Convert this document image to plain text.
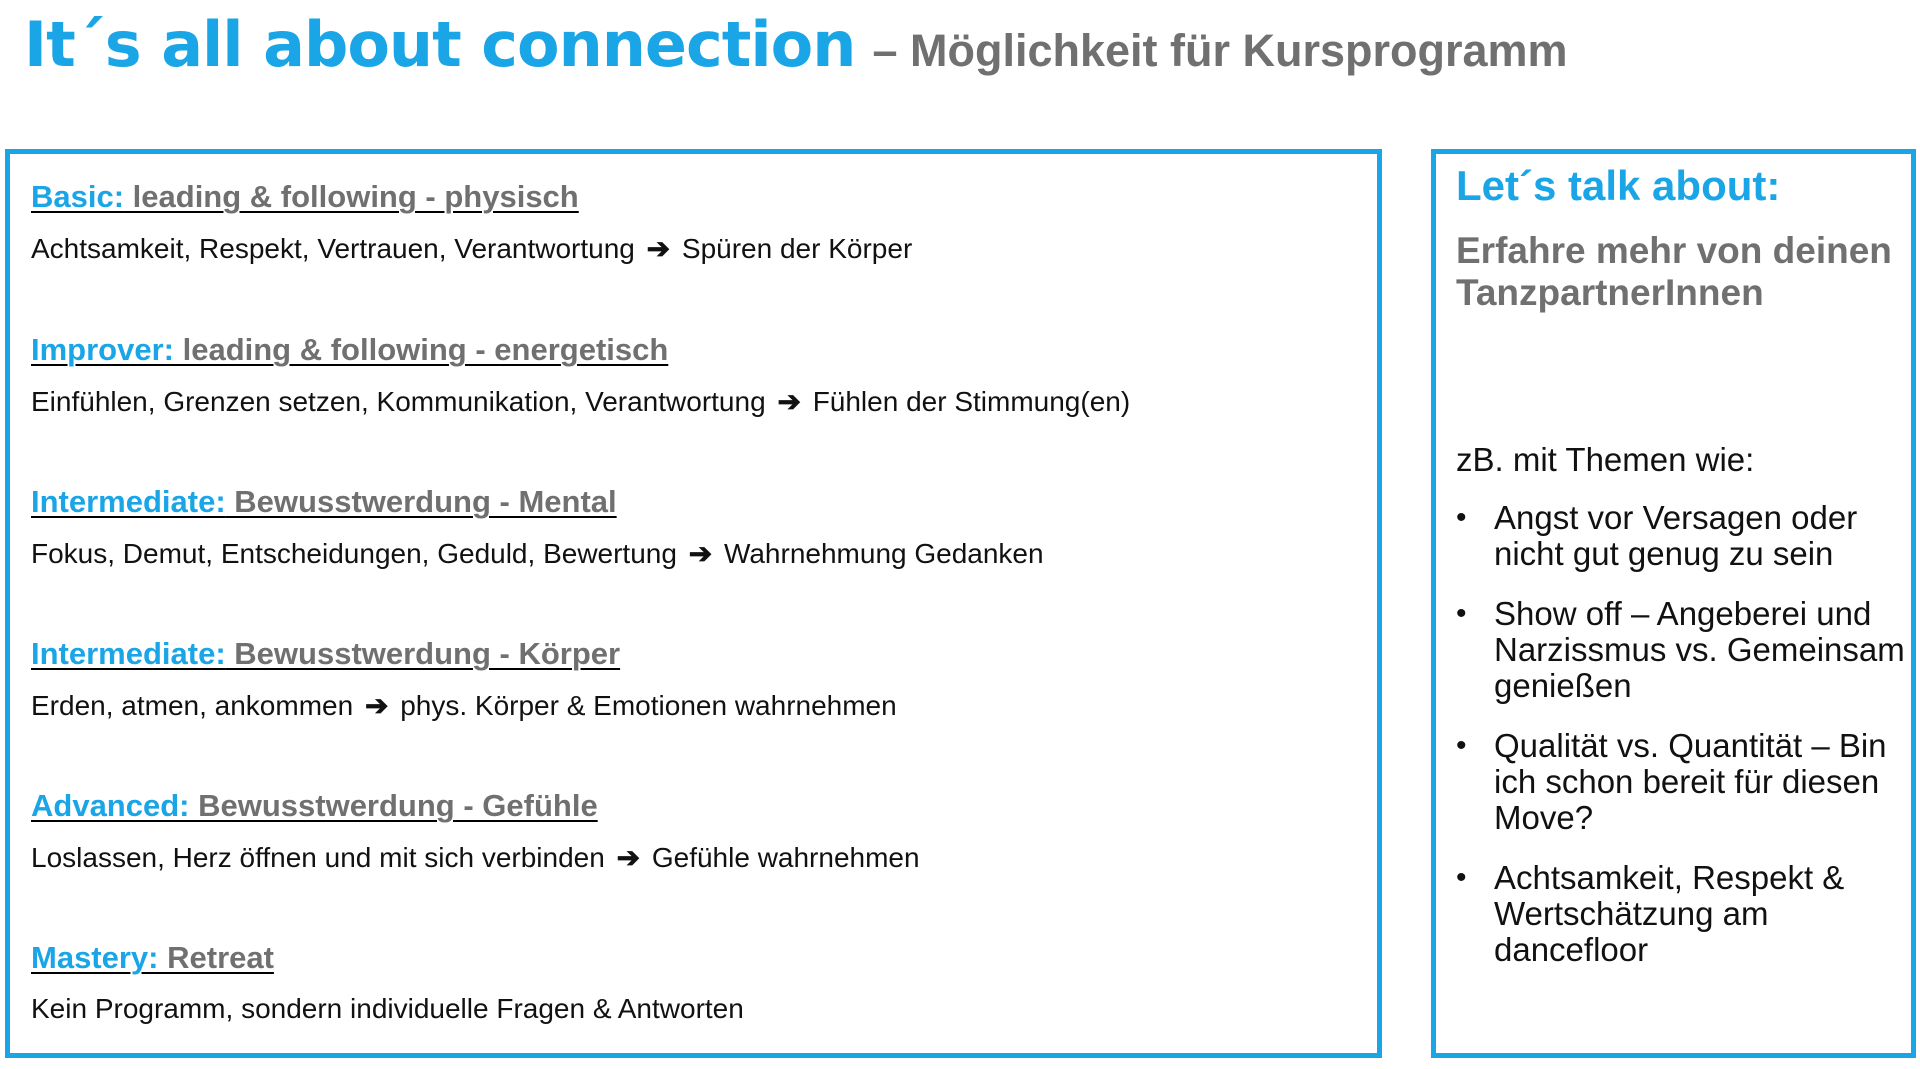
It´s all about connection – Möglichkeit für Kursprogramm
Basic: leading & following - physisch
Achtsamkeit, Respekt, Vertrauen, Verantwortung ➔ Spüren der Körper
Improver: leading & following - energetisch
Einfühlen, Grenzen setzen, Kommunikation, Verantwortung ➔ Fühlen der Stimmung(en)
Intermediate: Bewusstwerdung - Mental
Fokus, Demut, Entscheidungen, Geduld, Bewertung ➔ Wahrnehmung Gedanken
Intermediate: Bewusstwerdung - Körper
Erden, atmen, ankommen ➔ phys. Körper & Emotionen wahrnehmen
Advanced: Bewusstwerdung - Gefühle
Loslassen, Herz öffnen und mit sich verbinden ➔ Gefühle wahrnehmen
Mastery: Retreat
Kein Programm, sondern individuelle Fragen & Antworten
Let´s talk about:
Erfahre mehr von deinen TanzpartnerInnen
zB. mit Themen wie:
• Angst vor Versagen oder nicht gut genug zu sein
• Show off – Angeberei und Narzissmus vs. Gemeinsam genießen
• Qualität vs. Quantität – Bin ich schon bereit für diesen Move?
• Achtsamkeit, Respekt & Wertschätzung am dancefloor
